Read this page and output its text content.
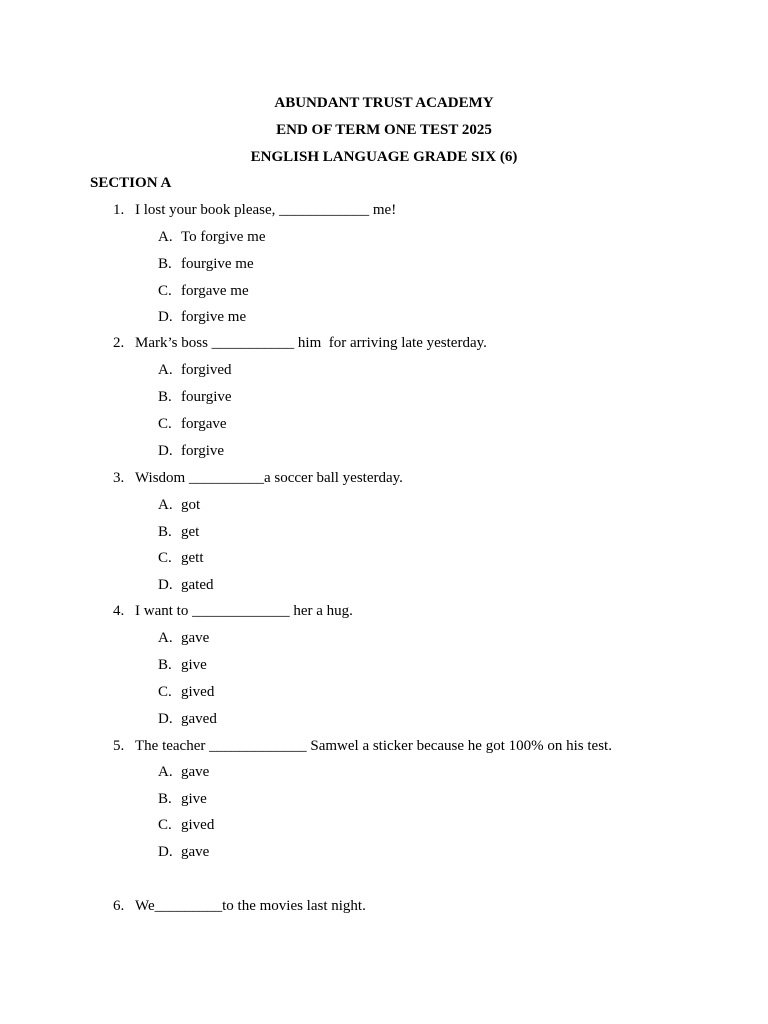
ABUNDANT TRUST ACADEMY
END OF TERM ONE TEST 2025
ENGLISH LANGUAGE GRADE SIX (6)
SECTION A
1. I lost your book please, ____________ me!
A. To forgive me
B. fourgive me
C. forgave me
D. forgive me
2. Mark’s boss ___________ him  for arriving late yesterday.
A. forgived
B. fourgive
C. forgave
D. forgive
3. Wisdom __________a soccer ball yesterday.
A. got
B. get
C. gett
D. gated
4. I want to _____________ her a hug.
A. gave
B. give
C. gived
D. gaved
5. The teacher _____________ Samwel a sticker because he got 100% on his test.
A. gave
B. give
C. gived
D. gave
6. We_________to the movies last night.
